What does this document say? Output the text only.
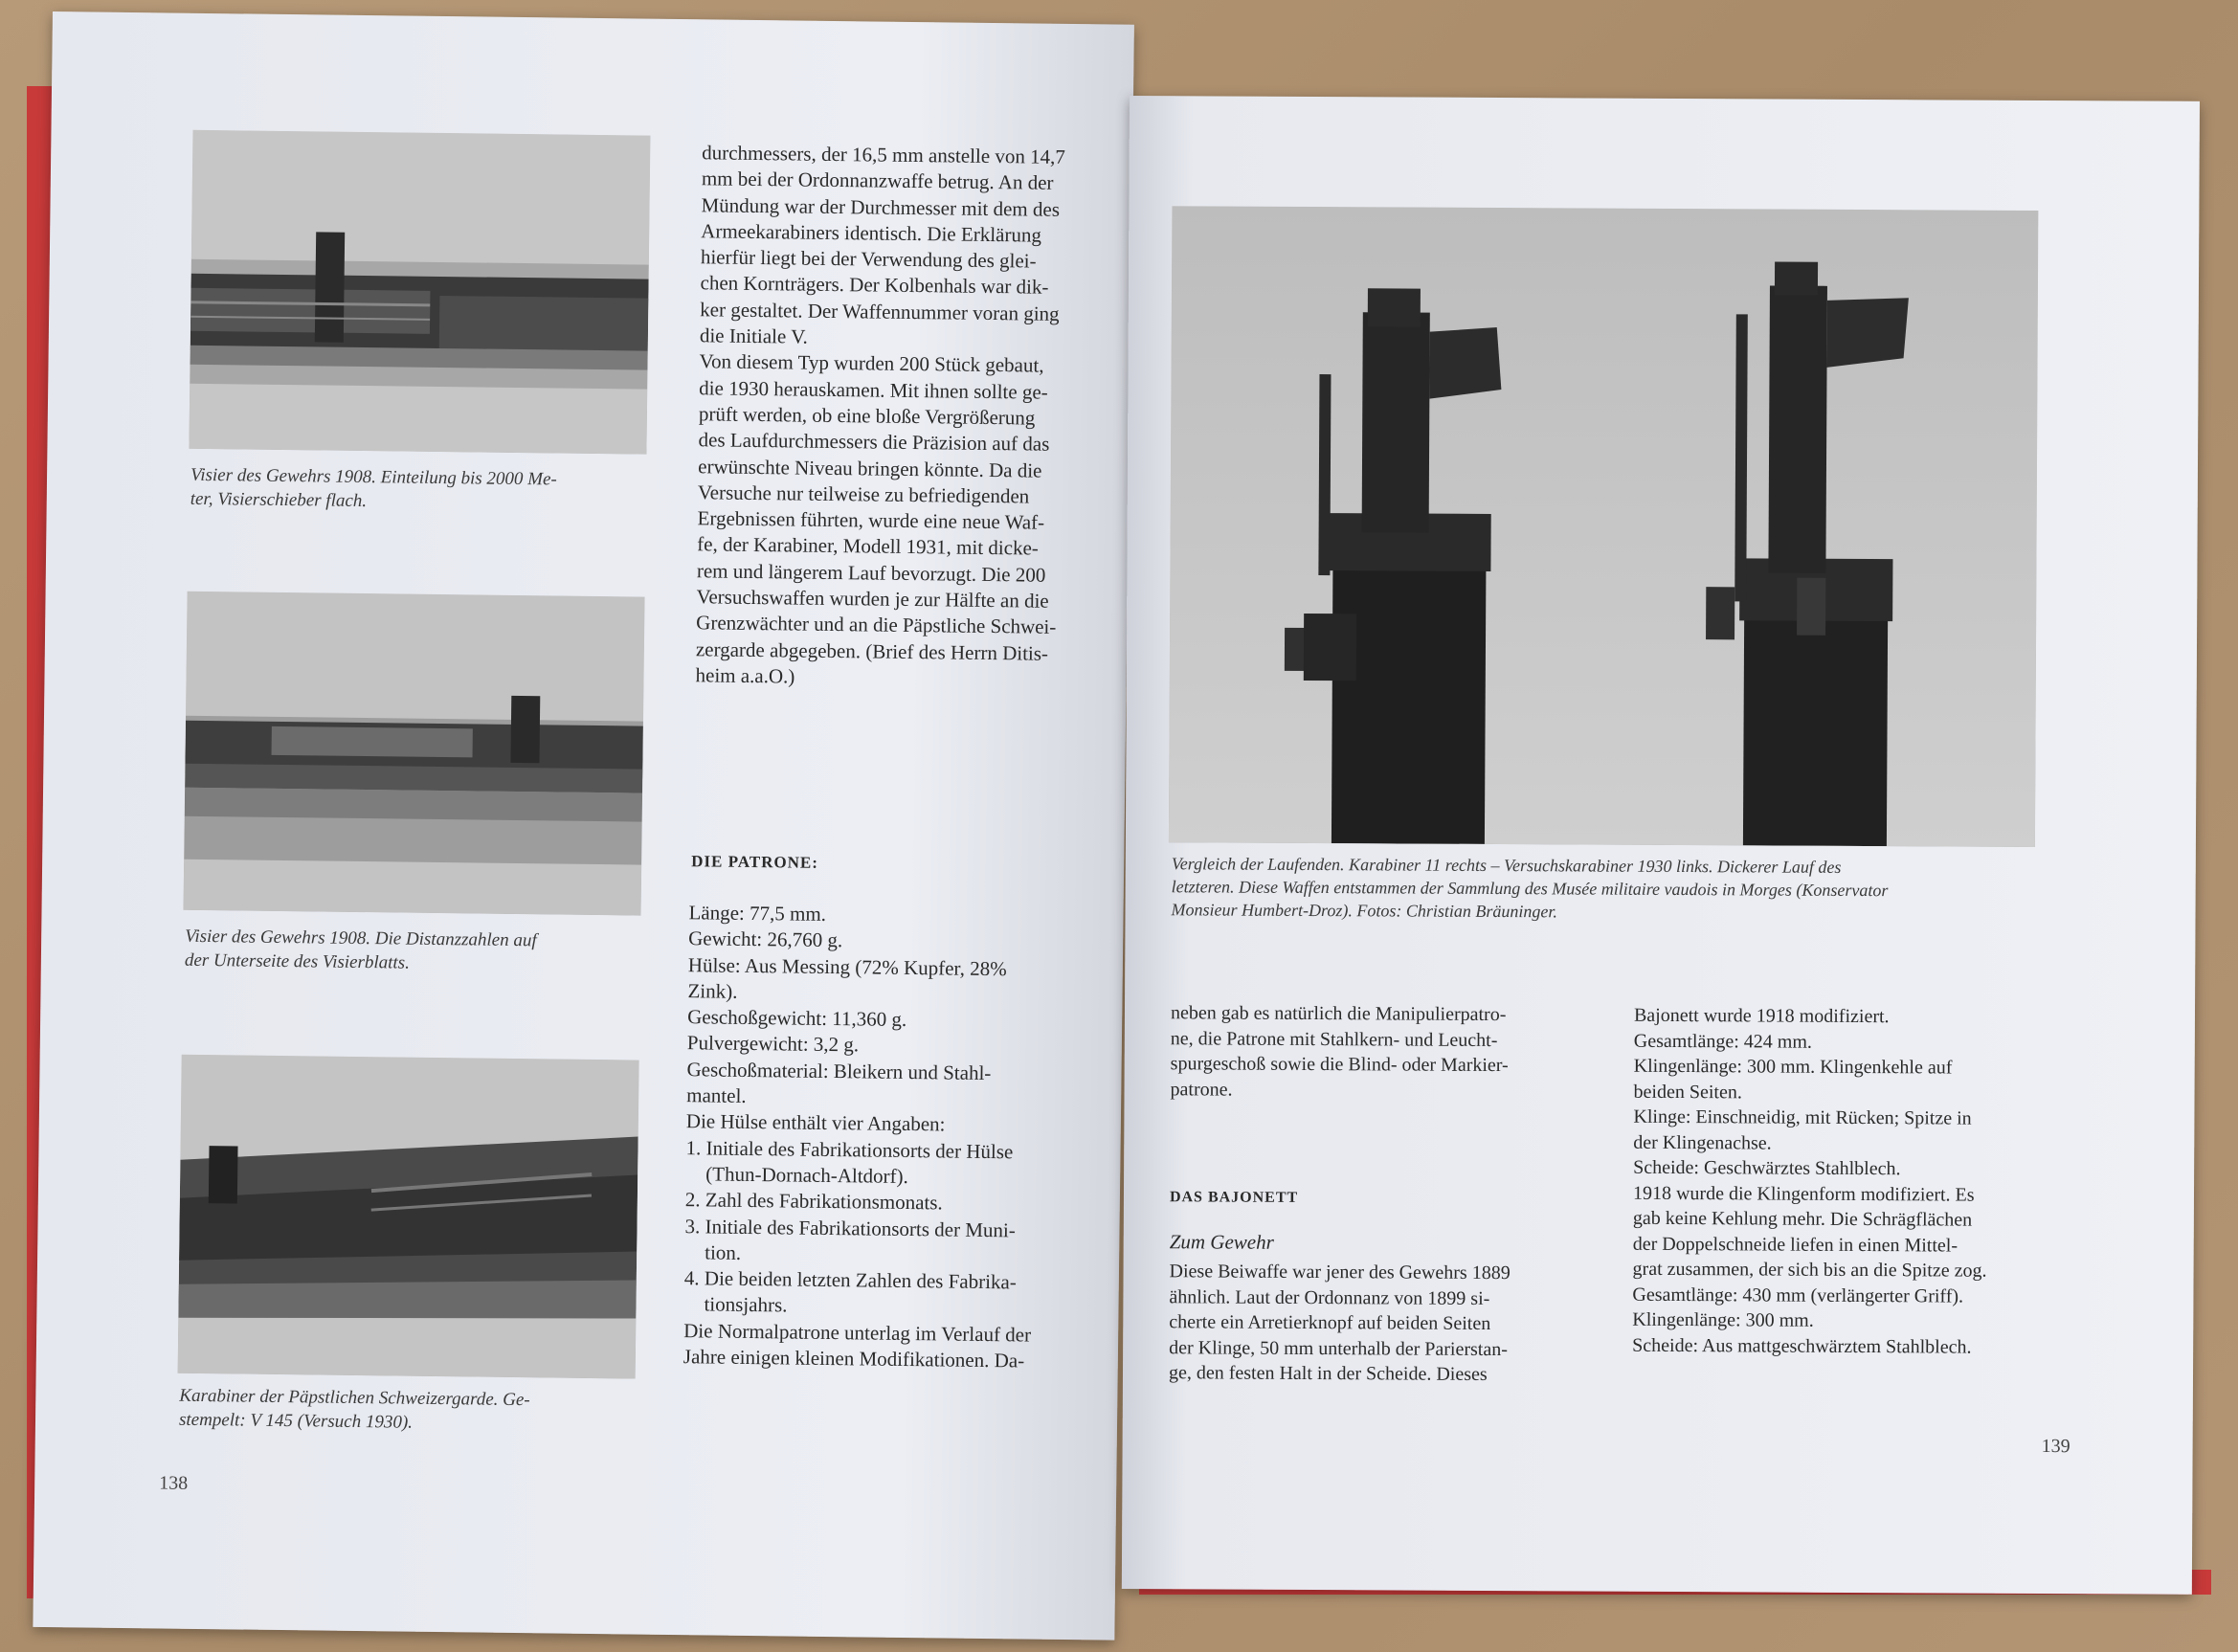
Visier des Gewehrs 1908. Einteilung bis 2000 Me-
ter, Visierschieber flach.
Visier des Gewehrs 1908. Die Distanzzahlen auf
der Unterseite des Visierblatts.
Karabiner der Päpstlichen Schweizergarde. Ge-
stempelt: V 145 (Versuch 1930).
durchmessers, der 16,5 mm anstelle von 14,7
mm bei der Ordonnanzwaffe betrug. An der
Mündung war der Durchmesser mit dem des
Armeekarabiners identisch. Die Erklärung
hierfür liegt bei der Verwendung des glei-
chen Kornträgers. Der Kolbenhals war dik-
ker gestaltet. Der Waffennummer voran ging
die Initiale V.
Von diesem Typ wurden 200 Stück gebaut,
die 1930 herauskamen. Mit ihnen sollte ge-
prüft werden, ob eine bloße Vergrößerung
des Laufdurchmessers die Präzision auf das
erwünschte Niveau bringen könnte. Da die
Versuche nur teilweise zu befriedigenden
Ergebnissen führten, wurde eine neue Waf-
fe, der Karabiner, Modell 1931, mit dicke-
rem und längerem Lauf bevorzugt. Die 200
Versuchswaffen wurden je zur Hälfte an die
Grenzwächter und an die Päpstliche Schwei-
zergarde abgegeben. (Brief des Herrn Ditis-
heim a.a.O.)
DIE PATRONE:
Länge: 77,5 mm.
Gewicht: 26,760 g.
Hülse: Aus Messing (72% Kupfer, 28%
Zink).
Geschoßgewicht: 11,360 g.
Pulvergewicht: 3,2 g.
Geschoßmaterial: Bleikern und Stahl-
mantel.
Die Hülse enthält vier Angaben:
1. Initiale des Fabrikationsorts der Hülse
(Thun-Dornach-Altdorf).
2. Zahl des Fabrikationsmonats.
3. Initiale des Fabrikationsorts der Muni-
tion.
4. Die beiden letzten Zahlen des Fabrika-
tionsjahrs.
Die Normalpatrone unterlag im Verlauf der
Jahre einigen kleinen Modifikationen. Da-
138
Vergleich der Laufenden. Karabiner 11 rechts – Versuchskarabiner 1930 links. Dickerer Lauf des
letzteren. Diese Waffen entstammen der Sammlung des Musée militaire vaudois in Morges (Konservator
Monsieur Humbert-Droz). Fotos: Christian Bräuninger.
neben gab es natürlich die Manipulierpatro-
ne, die Patrone mit Stahlkern- und Leucht-
spurgeschoß sowie die Blind- oder Markier-
patrone.
DAS BAJONETT
Zum Gewehr
Diese Beiwaffe war jener des Gewehrs 1889
ähnlich. Laut der Ordonnanz von 1899 si-
cherte ein Arretierknopf auf beiden Seiten
der Klinge, 50 mm unterhalb der Parierstan-
ge, den festen Halt in der Scheide. Dieses
Bajonett wurde 1918 modifiziert.
Gesamtlänge: 424 mm.
Klingenlänge: 300 mm. Klingenkehle auf
beiden Seiten.
Klinge: Einschneidig, mit Rücken; Spitze in
der Klingenachse.
Scheide: Geschwärztes Stahlblech.
1918 wurde die Klingenform modifiziert. Es
gab keine Kehlung mehr. Die Schrägflächen
der Doppelschneide liefen in einen Mittel-
grat zusammen, der sich bis an die Spitze zog.
Gesamtlänge: 430 mm (verlängerter Griff).
Klingenlänge: 300 mm.
Scheide: Aus mattgeschwärztem Stahlblech.
139
